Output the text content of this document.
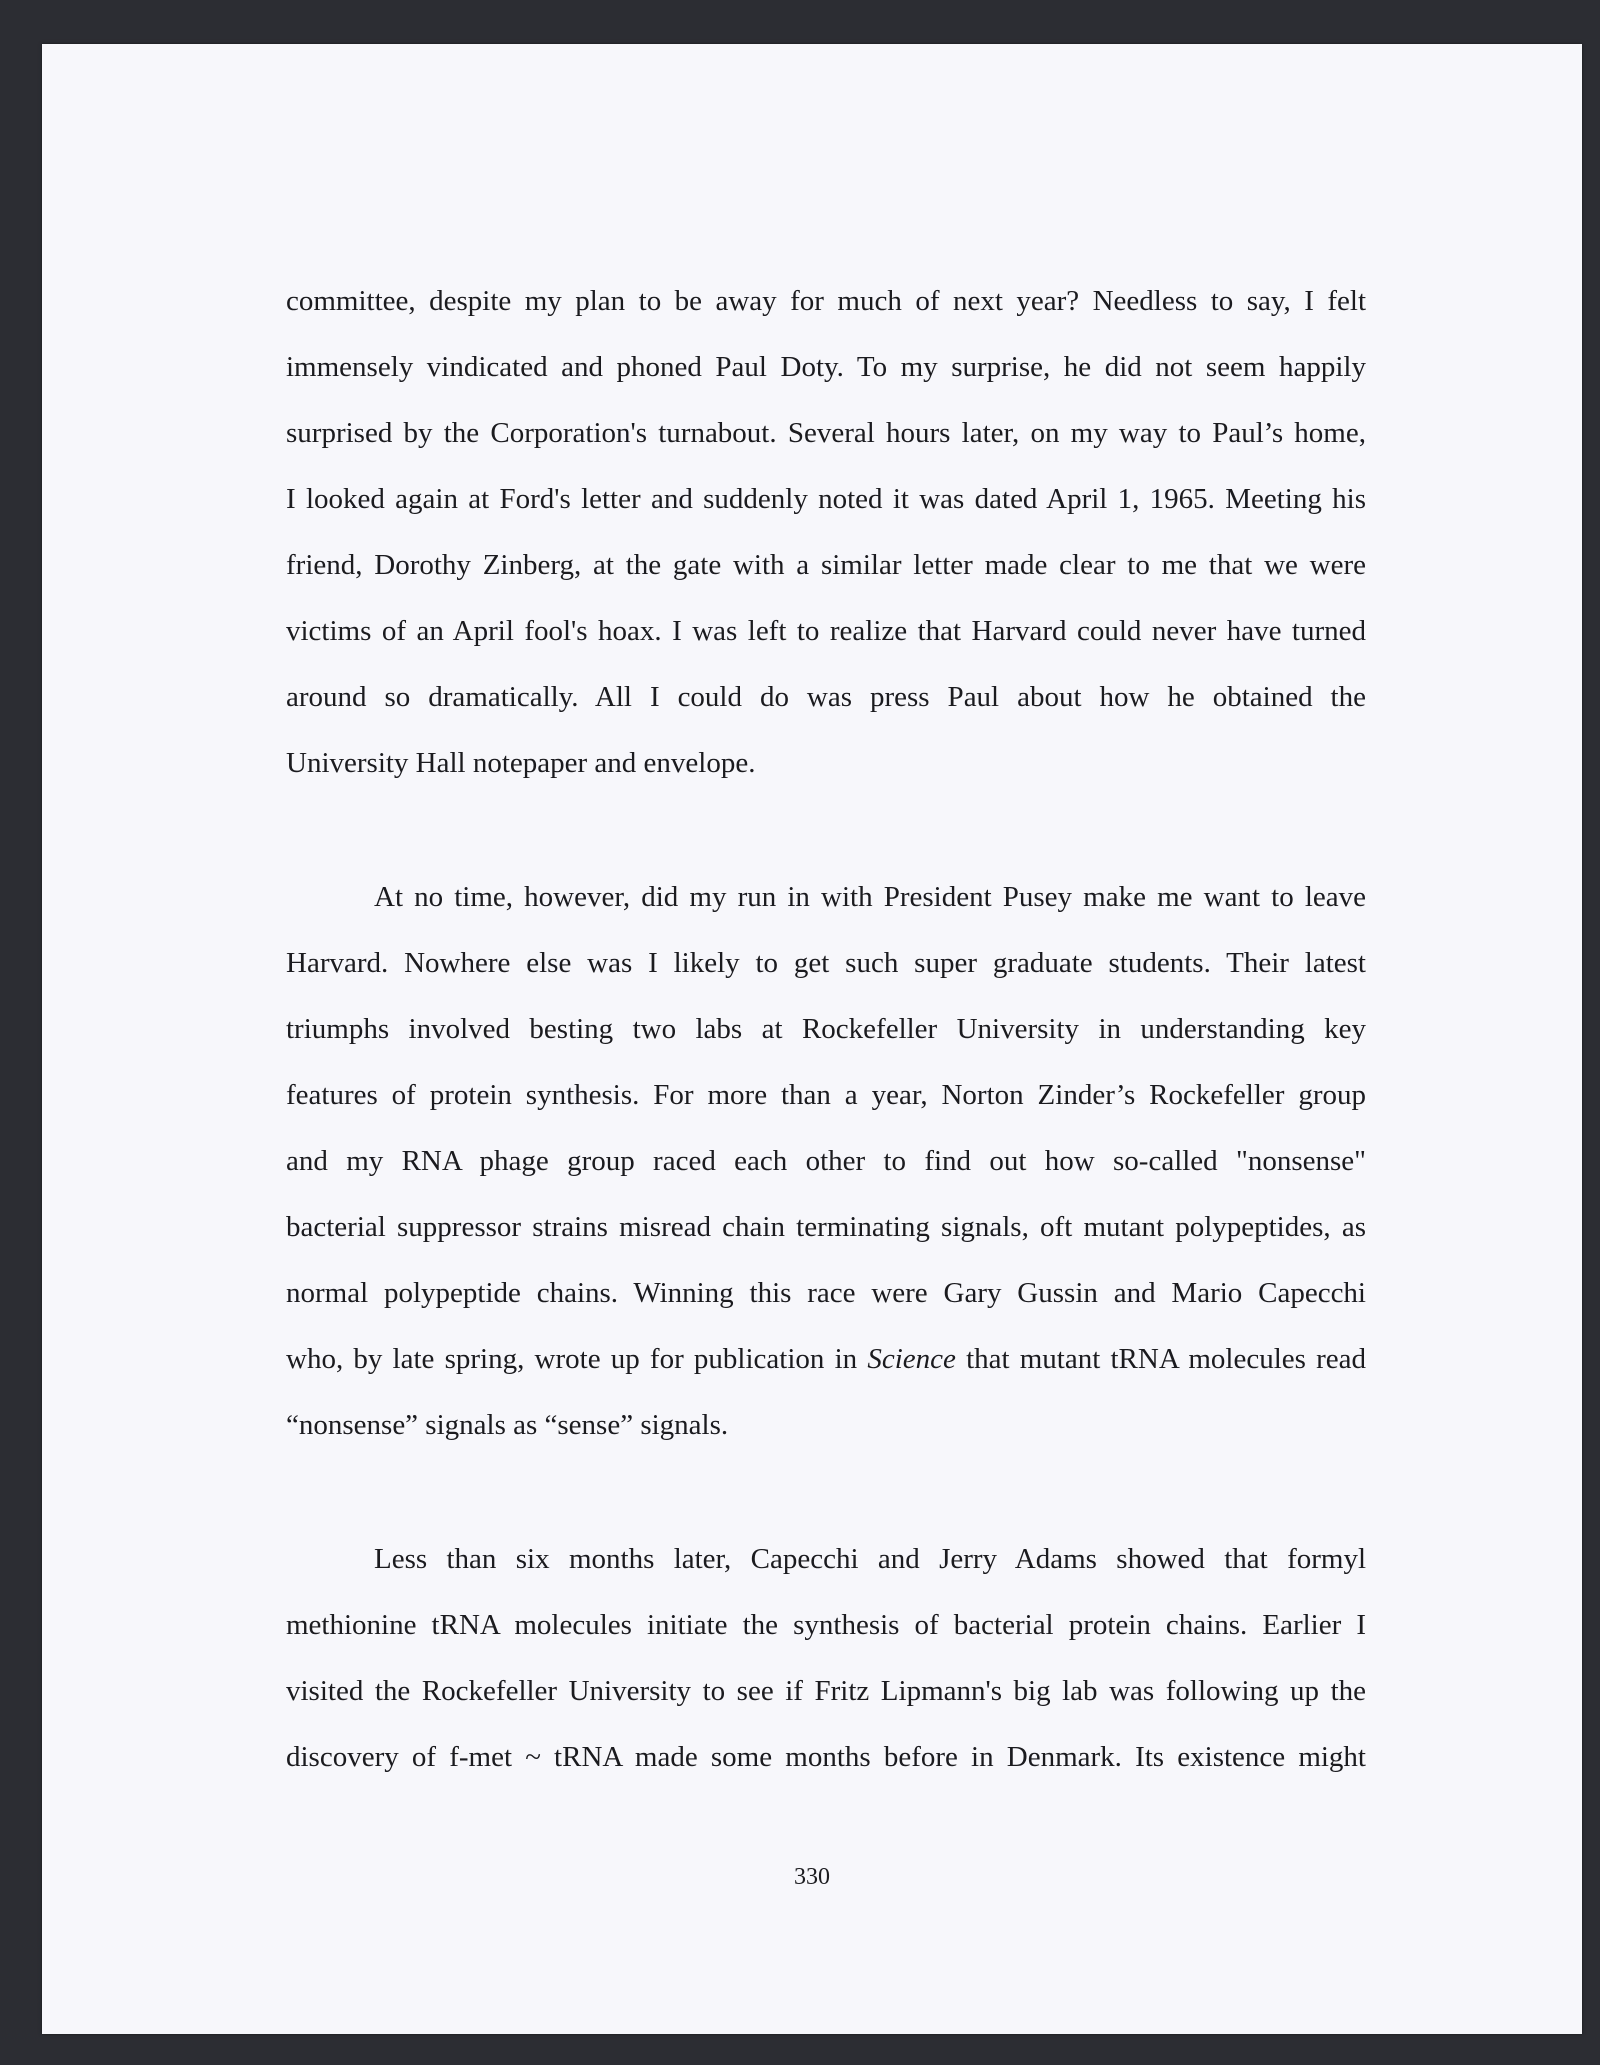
committee, despite my plan to be away for much of next year? Needless to say, I felt
immensely vindicated and phoned Paul Doty. To my surprise, he did not seem happily
surprised by the Corporation's turnabout. Several hours later, on my way to Paul’s home,
I looked again at Ford's letter and suddenly noted it was dated April 1, 1965. Meeting his
friend, Dorothy Zinberg, at the gate with a similar letter made clear to me that we were
victims of an April fool's hoax. I was left to realize that Harvard could never have turned
around so dramatically. All I could do was press Paul about how he obtained the
University Hall notepaper and envelope.
At no time, however, did my run in with President Pusey make me want to leave
Harvard. Nowhere else was I likely to get such super graduate students. Their latest
triumphs involved besting two labs at Rockefeller University in understanding key
features of protein synthesis. For more than a year, Norton Zinder’s Rockefeller group
and my RNA phage group raced each other to find out how so-called "nonsense"
bacterial suppressor strains misread chain terminating signals, oft mutant polypeptides, as
normal polypeptide chains. Winning this race were Gary Gussin and Mario Capecchi
who, by late spring, wrote up for publication in Science that mutant tRNA molecules read
“nonsense” signals as “sense” signals.
Less than six months later, Capecchi and Jerry Adams showed that formyl
methionine tRNA molecules initiate the synthesis of bacterial protein chains. Earlier I
visited the Rockefeller University to see if Fritz Lipmann's big lab was following up the
discovery of f-met ~ tRNA made some months before in Denmark. Its existence might
330
